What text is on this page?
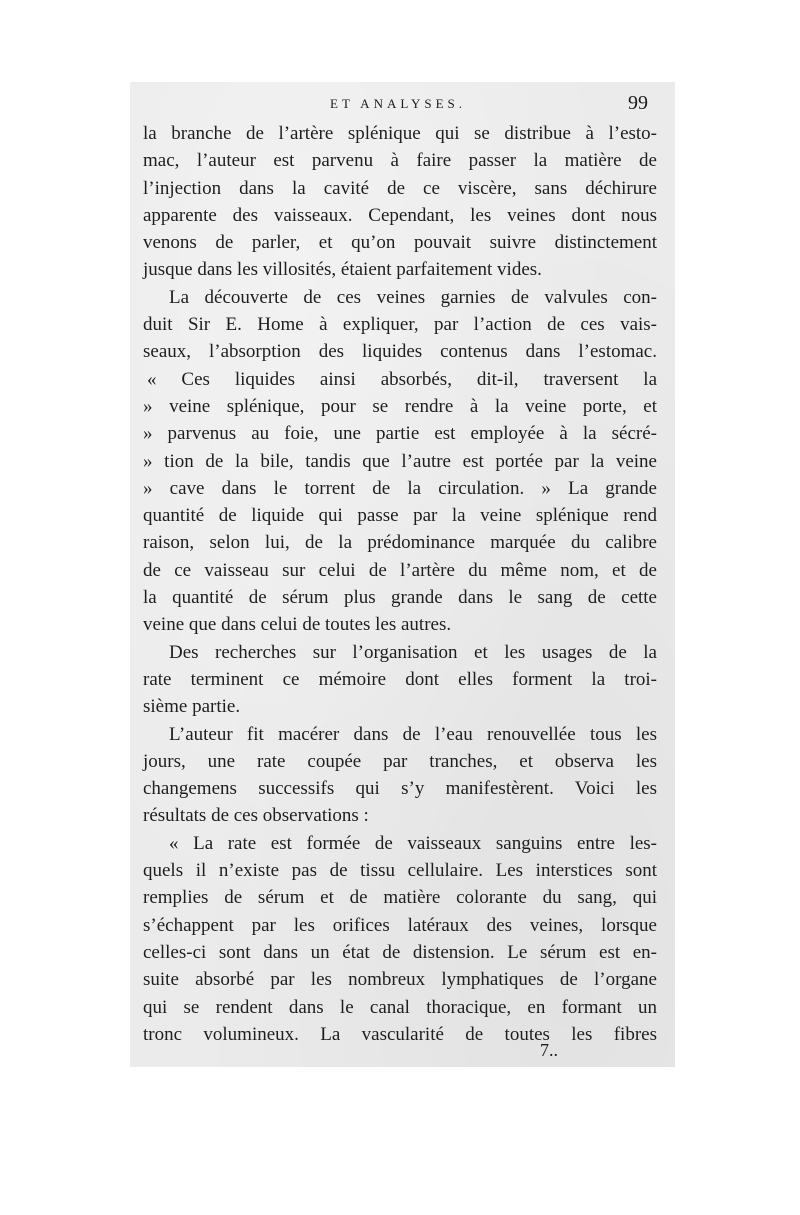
ET ANALYSES.	99
la branche de l’artère splénique qui se distribue à l’esto-
mac, l’auteur est parvenu à faire passer la matière de
l’injection dans la cavité de ce viscère, sans déchirure
apparente des vaisseaux. Cependant, les veines dont nous
venons de parler, et qu’on pouvait suivre distinctement
jusque dans les villosités, étaient parfaitement vides.
La découverte de ces veines garnies de valvules con-
duit Sir E. Home à expliquer, par l’action de ces vais-
seaux, l’absorption des liquides contenus dans l’estomac.
« Ces liquides ainsi absorbés, dit-il, traversent la
» veine splénique, pour se rendre à la veine porte, et
» parvenus au foie, une partie est employée à la sécré-
» tion de la bile, tandis que l’autre est portée par la veine
» cave dans le torrent de la circulation. » La grande
quantité de liquide qui passe par la veine splénique rend
raison, selon lui, de la prédominance marquée du calibre
de ce vaisseau sur celui de l’artère du même nom, et de
la quantité de sérum plus grande dans le sang de cette
veine que dans celui de toutes les autres.
Des recherches sur l’organisation et les usages de la
rate terminent ce mémoire dont elles forment la troi-
sième partie.
L’auteur fit macérer dans de l’eau renouvellée tous les
jours, une rate coupée par tranches, et observa les
changemens successifs qui s’y manifestèrent. Voici les
résultats de ces observations :
« La rate est formée de vaisseaux sanguins entre les-
quels il n’existe pas de tissu cellulaire. Les interstices sont
remplies de sérum et de matière colorante du sang, qui
s’échappent par les orifices latéraux des veines, lorsque
celles-ci sont dans un état de distension. Le sérum est en-
suite absorbé par les nombreux lymphatiques de l’organe
qui se rendent dans le canal thoracique, en formant un
tronc volumineux. La vascularité de toutes les fibres
7..
